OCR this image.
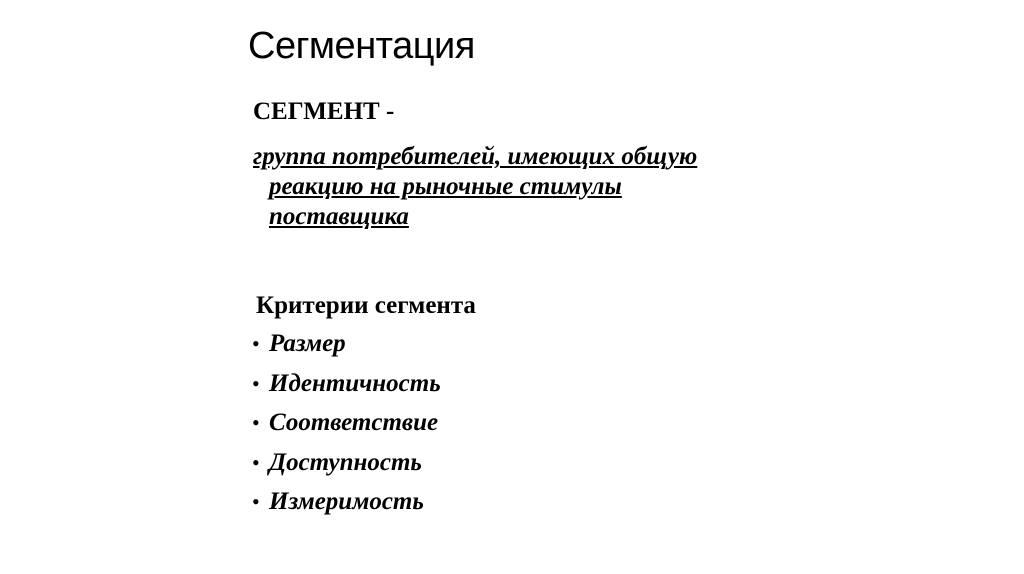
Сегментация
СЕГМЕНТ -
группа потребителей, имеющих общую
реакцию на рыночные стимулы
поставщика
Критерии сегмента
• Размер
• Идентичность
• Соответствие
• Доступность
• Измеримость
